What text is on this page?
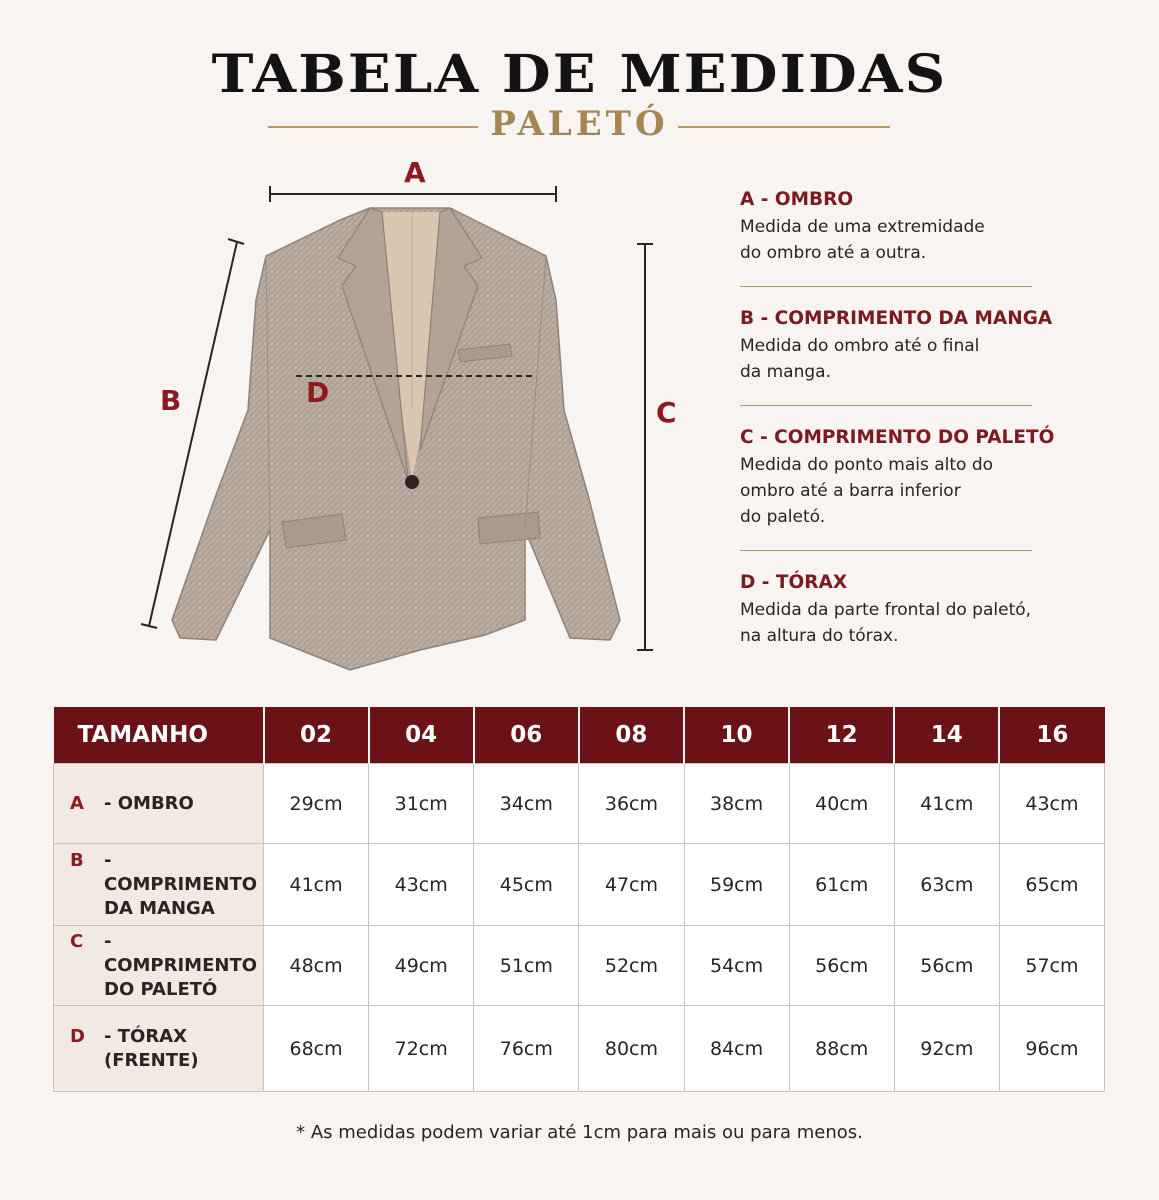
TABELA DE MEDIDAS
PALETÓ
A
B	C
D
A - OMBRO
Medida de uma extremidade
do ombro até a outra.
B - COMPRIMENTO DA MANGA
Medida do ombro até o final
da manga.
C - COMPRIMENTO DO PALETÓ
Medida do ponto mais alto do
ombro até a barra inferior
do paletó.
D - TÓRAX
Medida da parte frontal do paletó,
na altura do tórax.
TAMANHO	02	04	06	08	10	12	14	16

A - OMBRO	29cm	31cm	34cm	36cm	38cm	40cm	41cm	43cm

B - COMPRIMENTO
DA MANGA	41cm	43cm	45cm	47cm	59cm	61cm	63cm	65cm

C - COMPRIMENTO
DO PALETÓ	48cm	49cm	51cm	52cm	54cm	56cm	56cm	57cm

D - TÓRAX
(FRENTE)	68cm	72cm	76cm	80cm	84cm	88cm	92cm	96cm
* As medidas podem variar até 1cm para mais ou para menos.
